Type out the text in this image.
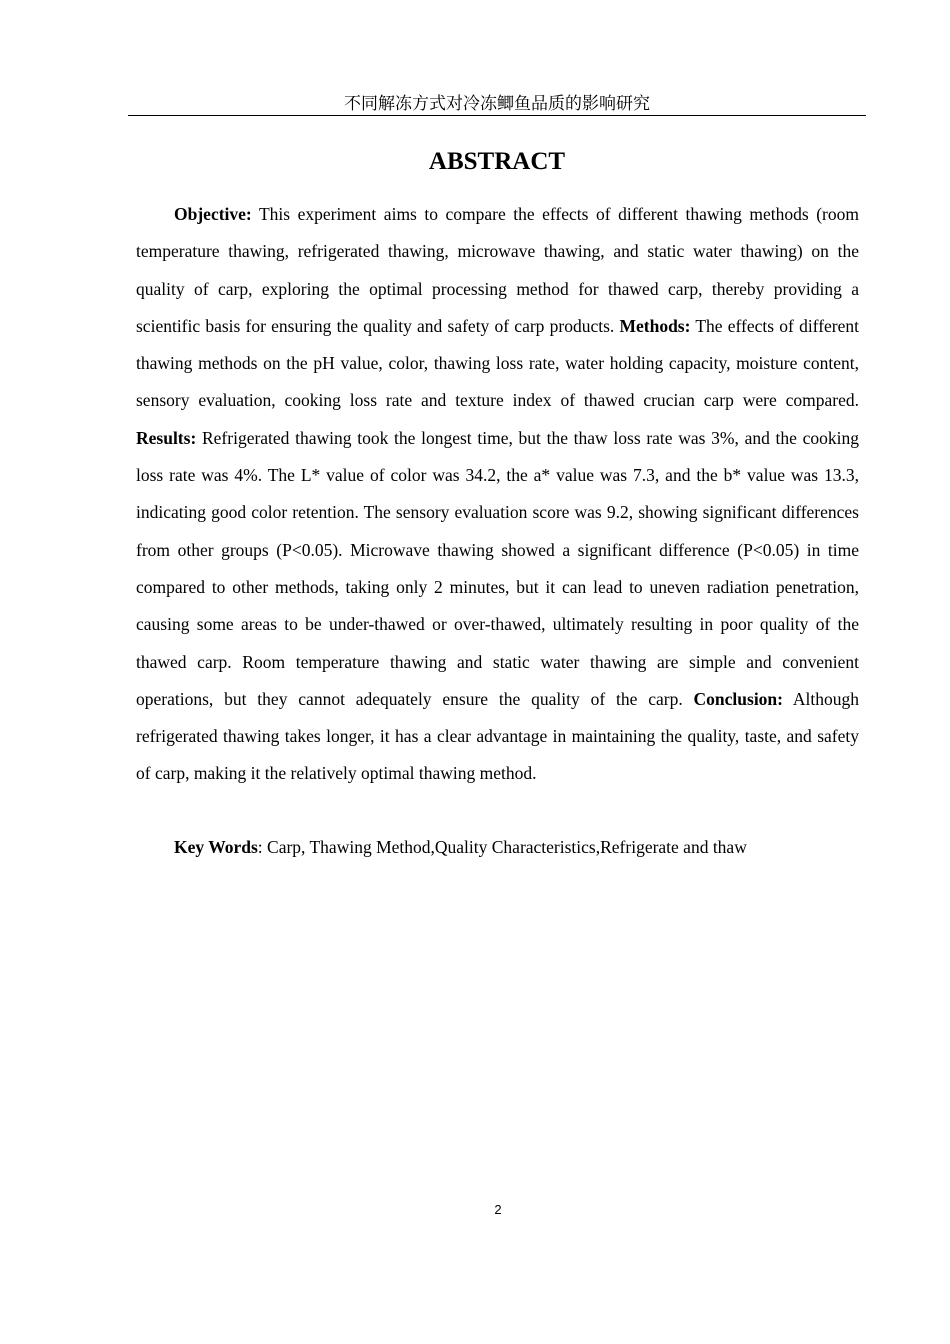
不同解冻方式对冷冻鲫鱼品质的影响研究
ABSTRACT

Objective: This experiment aims to compare the effects of different thawing methods (room temperature thawing, refrigerated thawing, microwave thawing, and static water thawing) on the quality of carp, exploring the optimal processing method for thawed carp, thereby providing a scientific basis for ensuring the quality and safety of carp products. Methods: The effects of different thawing methods on the pH value, color, thawing loss rate, water holding capacity, moisture content, sensory evaluation, cooking loss rate and texture index of thawed crucian carp were compared. Results: Refrigerated thawing took the longest time, but the thaw loss rate was 3%, and the cooking loss rate was 4%. The L* value of color was 34.2, the a* value was 7.3, and the b* value was 13.3, indicating good color retention. The sensory evaluation score was 9.2, showing significant differences from other groups (P<0.05). Microwave thawing showed a significant difference (P<0.05) in time compared to other methods, taking only 2 minutes, but it can lead to uneven radiation penetration, causing some areas to be under-thawed or over-thawed, ultimately resulting in poor quality of the thawed carp. Room temperature thawing and static water thawing are simple and convenient operations, but they cannot adequately ensure the quality of the carp. Conclusion: Although refrigerated thawing takes longer, it has a clear advantage in maintaining the quality, taste, and safety of carp, making it the relatively optimal thawing method.

Key Words: Carp, Thawing Method,Quality Characteristics,Refrigerate and thaw

2
